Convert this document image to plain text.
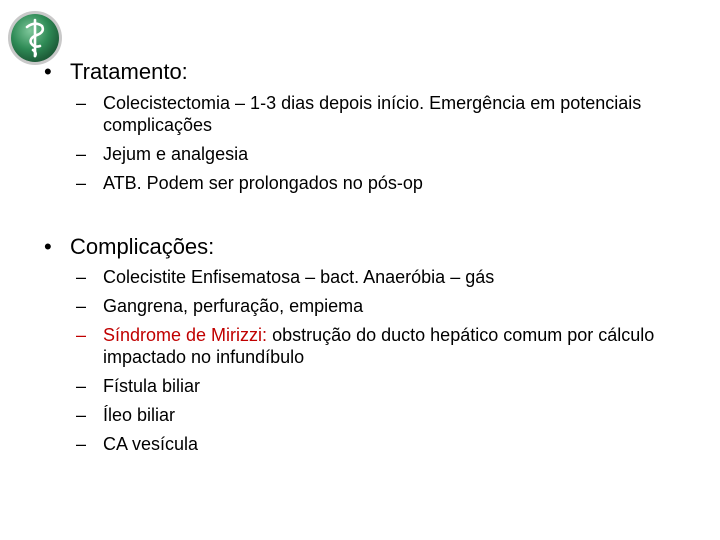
• Tratamento:
– Colecistectomia – 1-3 dias depois início. Emergência em potenciais complicações
– Jejum e analgesia
– ATB. Podem ser prolongados no pós-op
• Complicações:
– Colecistite Enfisematosa – bact. Anaeróbia – gás
– Gangrena, perfuração, empiema
– Síndrome de Mirizzi: obstrução do ducto hepático comum por cálculo impactado no infundíbulo
– Fístula biliar
– Íleo biliar
– CA vesícula
